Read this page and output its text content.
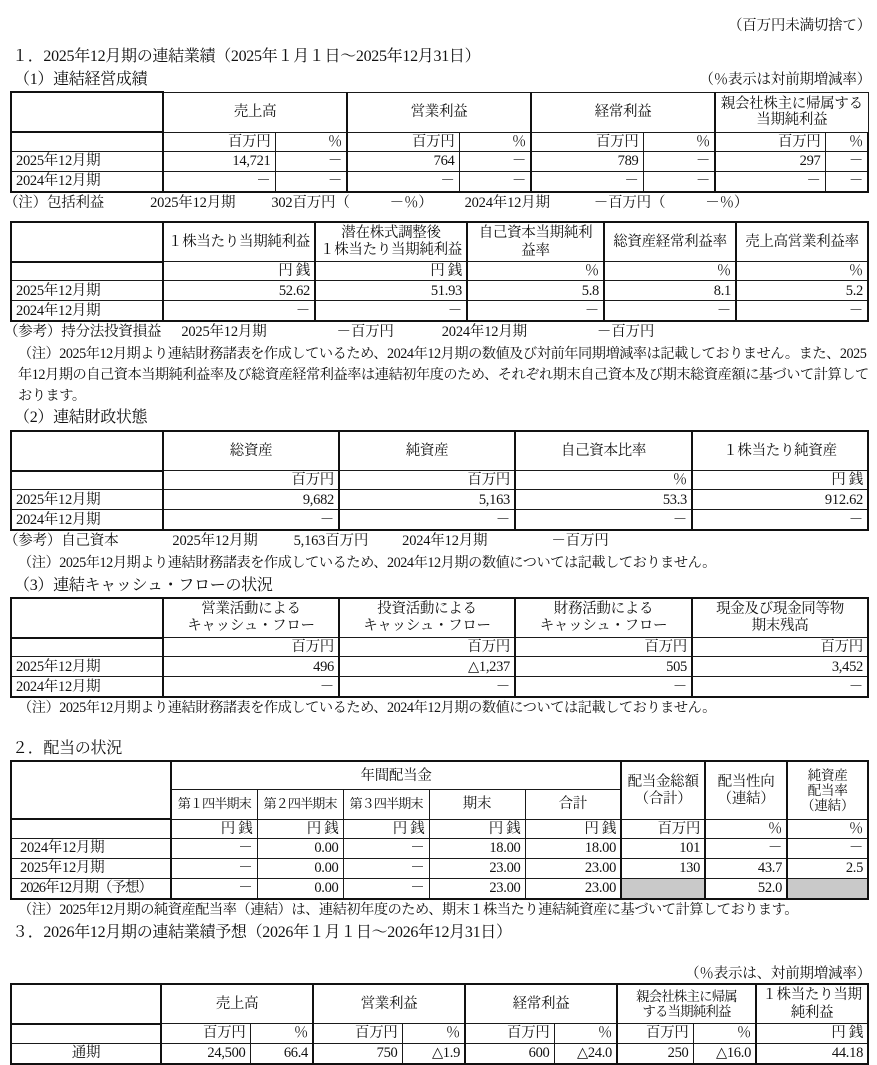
（百万円未満切捨て）
１．2025年12月期の連結業績（2025年１月１日～2025年12月31日）
（1）連結経営成績	（％表示は対前期増減率）
	売上高		営業利益		経常利益		親会社株主に帰属する
当期純利益	
	百万円	％	百万円	％	百万円	％	百万円	％
2025年12月期	14,721	－	764	－	789	－	297	－
2024年12月期	－	－	－	－	－	－	－	－
（注）包括利益	2025年12月期 302百万円（	－％） 2024年12月期	－百万円（	－％）
	１株当たり当期純利益	潜在株式調整後
１株当たり当期純利益	自己資本当期純利益率	総資産経常利益率	売上高営業利益率
	円 銭	円 銭	％	％	％
2025年12月期	52.62	51.93	5.8	8.1	5.2
2024年12月期	－	－	－	－	－
（参考）持分法投資損益 2025年12月期	－百万円	2024年12月期	－百万円
（注）2025年12月期より連結財務諸表を作成しているため、2024年12月期の数値及び対前年同期増減率は記載しておりません。また、2025年12月期の自己資本当期純利益率及び総資産経常利益率は連結初年度のため、それぞれ期末自己資本及び期末総資産額に基づいて計算しております。
（2）連結財政状態
	総資産	純資産	自己資本比率	１株当たり純資産
	百万円	百万円	％	円 銭
2025年12月期	9,682	5,163	53.3	912.62
2024年12月期	－	－	－	－
（参考）自己資本	2025年12月期 5,163百万円 2024年12月期	－百万円
（注）2025年12月期より連結財務諸表を作成しているため、2024年12月期の数値については記載しておりません。
（3）連結キャッシュ・フローの状況
	営業活動による
キャッシュ・フロー	投資活動による
キャッシュ・フロー	財務活動による
キャッシュ・フロー	現金及び現金同等物
期末残高
	百万円	百万円	百万円	百万円
2025年12月期	496	△1,237	505	3,452
2024年12月期	－	－	－	－
（注）2025年12月期より連結財務諸表を作成しているため、2024年12月期の数値については記載しておりません。
２．配当の状況
	年間配当金					配当金総額
（合計）	配当性向
（連結）	純資産
配当率
（連結）
	第１四半期末	第２四半期末	第３四半期末	期末	合計			
	円 銭	円 銭	円 銭	円 銭	円 銭	百万円	％	％
2024年12月期	－	0.00	－	18.00	18.00	101	－	－
2025年12月期	－	0.00	－	23.00	23.00	130	43.7	2.5
2026年12月期（予想）	－	0.00	－	23.00	23.00		52.0	
（注）2025年12月期の純資産配当率（連結）は、連結初年度のため、期末１株当たり連結純資産に基づいて計算しております。
３．2026年12月期の連結業績予想（2026年１月１日～2026年12月31日）
（％表示は、対前期増減率）
	売上高		営業利益		経常利益		親会社株主に帰属
する当期純利益		１株当たり当期純利益
	百万円	％	百万円	％	百万円	％	百万円	％	円 銭
通期	24,500	66.4	750	△1.9	600	△24.0	250	△16.0	44.18
